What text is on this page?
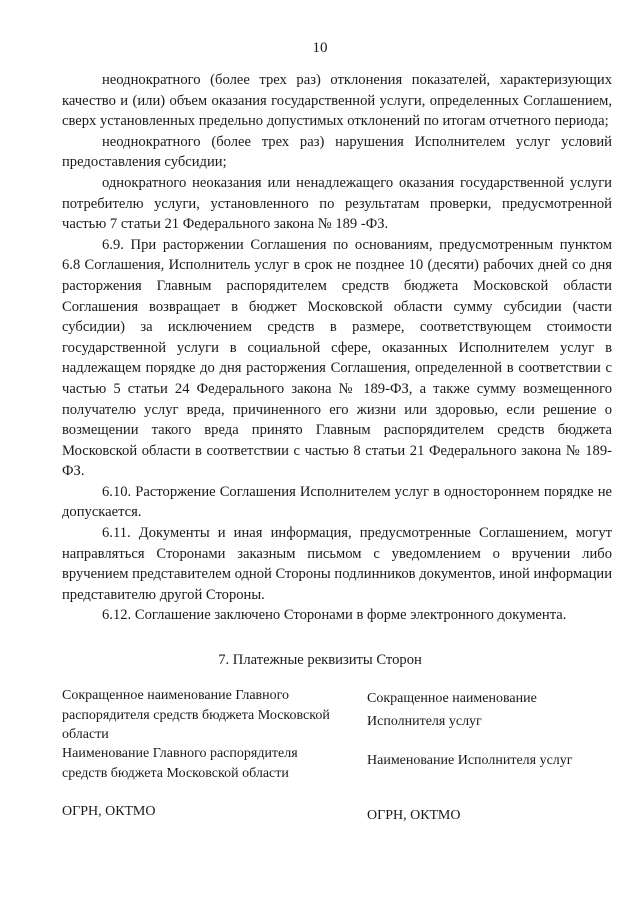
10

неоднократного (более трех раз) отклонения показателей, характеризующих качество и (или) объем оказания государственной услуги, определенных Соглашением, сверх установленных предельно допустимых отклонений по итогам отчетного периода;

неоднократного (более трех раз) нарушения Исполнителем услуг условий предоставления субсидии;

однократного неоказания или ненадлежащего оказания государственной услуги потребителю услуги, установленного по результатам проверки, предусмотренной частью 7 статьи 21 Федерального закона № 189 -ФЗ.

6.9. При расторжении Соглашения по основаниям, предусмотренным пунктом 6.8 Соглашения, Исполнитель услуг в срок не позднее 10 (десяти) рабочих дней со дня расторжения Главным распорядителем средств бюджета Московской области Соглашения возвращает в бюджет Московской области сумму субсидии (части субсидии) за исключением средств в размере, соответствующем стоимости государственной услуги в социальной сфере, оказанных Исполнителем услуг в надлежащем порядке до дня расторжения Соглашения, определенной в соответствии с частью 5 статьи 24 Федерального закона № 189-ФЗ, а также сумму возмещенного получателю услуг вреда, причиненного его жизни или здоровью, если решение о возмещении такого вреда принято Главным распорядителем средств бюджета Московской области в соответствии с частью 8 статьи 21 Федерального закона № 189-ФЗ.

6.10. Расторжение Соглашения Исполнителем услуг в одностороннем порядке не допускается.

6.11. Документы и иная информация, предусмотренные Соглашением, могут направляться Сторонами заказным письмом с уведомлением о вручении либо вручением представителем одной Стороны подлинников документов, иной информации представителю другой Стороны.

6.12. Соглашение заключено Сторонами в форме электронного документа.

7. Платежные реквизиты Сторон
Сокращенное наименование Главного распорядителя средств бюджета Московской области
Наименование Главного распорядителя средств бюджета Московской области
ОГРН, ОКТМО
Сокращенное наименование
Исполнителя услуг
Наименование Исполнителя услуг
ОГРН, ОКТМО
